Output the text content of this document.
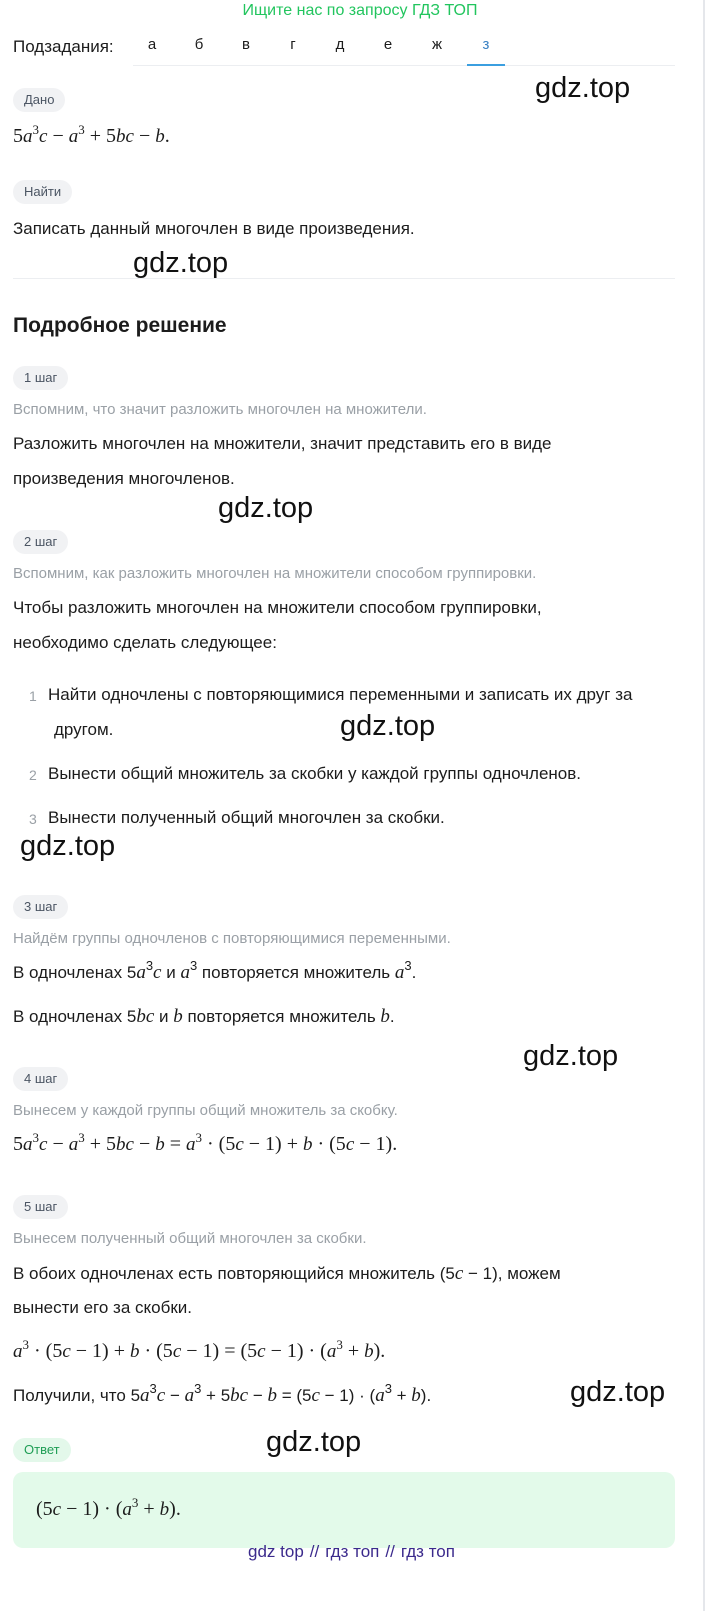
Ищите нас по запросу ГДЗ ТОП
Подзадания:	а	б	в	г	д	е	ж	з
Дано
$5a^3c - a^3 + 5bc - b$.
Найти
Записать данный многочлен в виде произведения.
Подробное решение
1 шаг
Вспомним, что значит разложить многочлен на множители.
Разложить многочлен на множители, значит представить его в виде
произведения многочленов.
2 шаг
Вспомним, как разложить многочлен на множители способом группировки.
Чтобы разложить многочлен на множители способом группировки,
необходимо сделать следующее:
1 Найти одночлены с повторяющимися переменными и записать их друг за
другом.
2 Вынести общий множитель за скобки у каждой группы одночленов.
3 Вынести полученный общий многочлен за скобки.
3 шаг
Найдём группы одночленов с повторяющимися переменными.
В одночленах $5a^3c$ и $a^3$ повторяется множитель $a^3$.
В одночленах 5bc и b повторяется множитель b.
4 шаг
Вынесем у каждой группы общий множитель за скобку.
$5a^3c - a^3 + 5bc - b = a^3 \cdot (5c - 1) + b \cdot (5c - 1)$.
5 шаг
Вынесем полученный общий многочлен за скобки.
В обоих одночленах есть повторяющийся множитель (5c − 1), можем
вынести его за скобки.
$a^3 \cdot (5c - 1) + b \cdot (5c - 1) = (5c - 1) \cdot (a^3 + b)$.
Получили, что $5a^3c - a^3 + 5bc - b = (5c - 1) \cdot (a^3 + b)$.
Ответ
$(5c - 1) \cdot (a^3 + b)$.
gdz.top
gdz.top
gdz.top
gdz.top
gdz.top
gdz.top
gdz.top
gdz.top
gdz top // гдз топ // гдз топ
